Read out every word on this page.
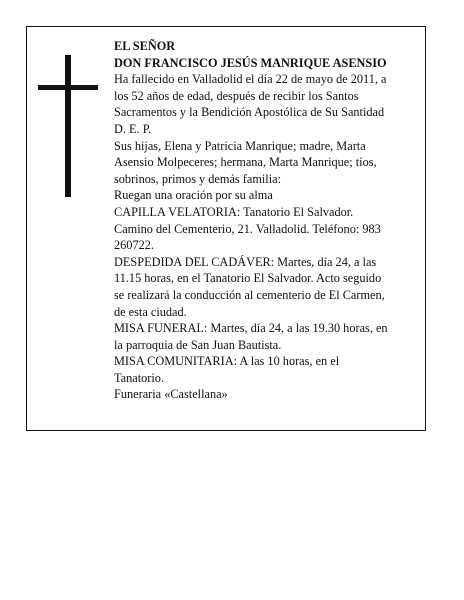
EL SEÑOR
DON FRANCISCO JESÚS MANRIQUE ASENSIO
Ha fallecido en Valladolid el día 22 de mayo de 2011, a
los 52 años de edad, después de recibir los Santos
Sacramentos y la Bendición Apostólica de Su Santidad
D. E. P.
Sus hijas, Elena y Patricia Manrique; madre, Marta
Asensio Molpeceres; hermana, Marta Manrique; tíos,
sobrinos, primos y demás familia:
Ruegan una oración por su alma
CAPILLA VELATORIA: Tanatorio El Salvador.
Camino del Cementerio, 21. Valladolid. Teléfono: 983
260722.
DESPEDIDA DEL CADÁVER: Martes, día 24, a las
11.15 horas, en el Tanatorio El Salvador. Acto seguido
se realizará la conducción al cementerio de El Carmen,
de esta ciudad.
MISA FUNERAL: Martes, día 24, a las 19.30 horas, en
la parroquia de San Juan Bautista.
MISA COMUNITARIA: A las 10 horas, en el
Tanatorio.
Funeraria «Castellana»
